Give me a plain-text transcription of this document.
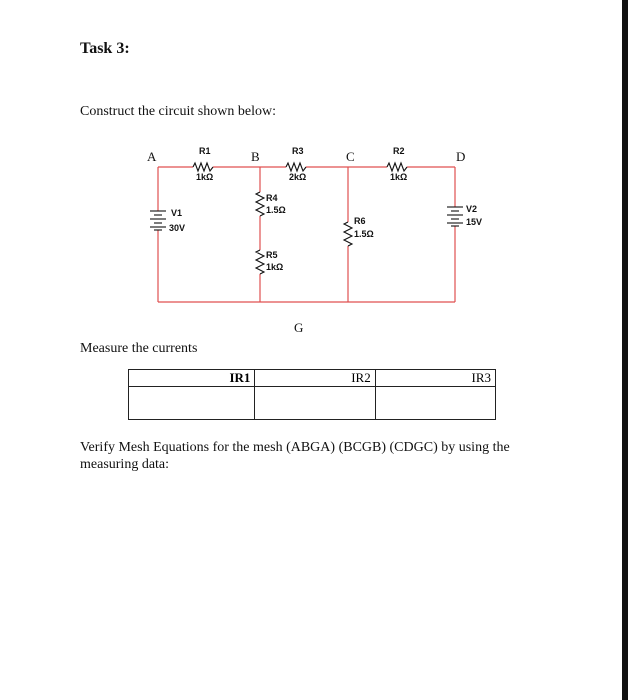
Task 3:
Construct the circuit shown below:
A	B	C	D
G
R1
1kΩ
R3
2kΩ
R2
1kΩ
R4
1.5Ω
R5
1kΩ
R6
1.5Ω
V1
30V
V2
15V
Measure the currents
IR1	IR2	IR3

Verify Mesh Equations for the mesh (ABGA) (BCGB) (CDGC) by using the measuring data:
